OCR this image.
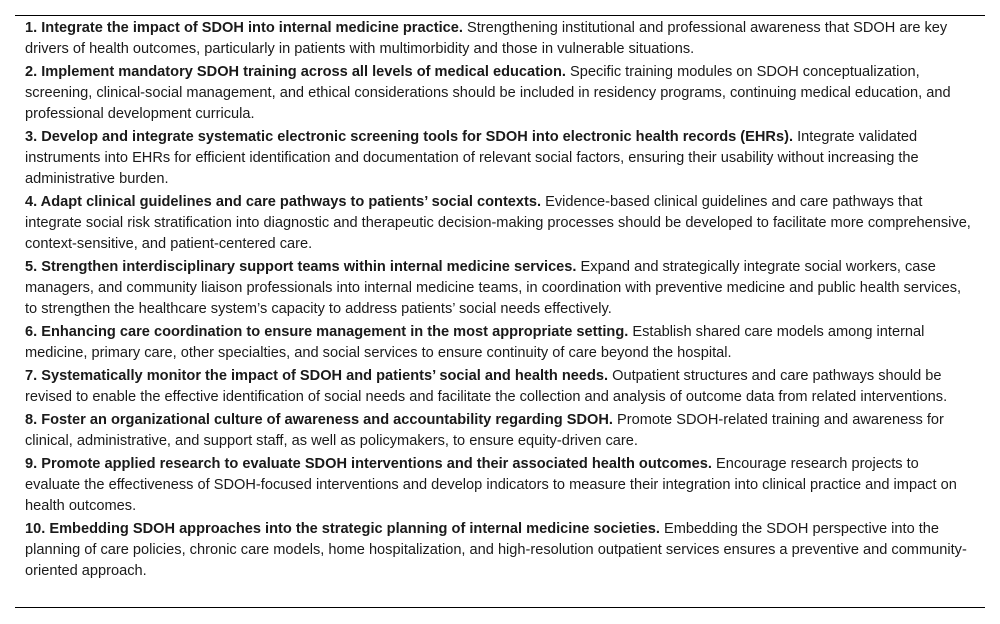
1. Integrate the impact of SDOH into internal medicine practice. Strengthening institutional and professional awareness that SDOH are key drivers of health outcomes, particularly in patients with multimorbidity and those in vulnerable situations.
2. Implement mandatory SDOH training across all levels of medical education. Specific training modules on SDOH conceptualization, screening, clinical-social management, and ethical considerations should be included in residency programs, continuing medical education, and professional development curricula.
3. Develop and integrate systematic electronic screening tools for SDOH into electronic health records (EHRs). Integrate validated instruments into EHRs for efficient identification and documentation of relevant social factors, ensuring their usability without increasing the administrative burden.
4. Adapt clinical guidelines and care pathways to patients’ social contexts. Evidence-based clinical guidelines and care pathways that integrate social risk stratification into diagnostic and therapeutic decision-making processes should be developed to facilitate more comprehensive, context-sensitive, and patient-centered care.
5. Strengthen interdisciplinary support teams within internal medicine services. Expand and strategically integrate social workers, case managers, and community liaison professionals into internal medicine teams, in coordination with preventive medicine and public health services, to strengthen the healthcare system’s capacity to address patients’ social needs effectively.
6. Enhancing care coordination to ensure management in the most appropriate setting. Establish shared care models among internal medicine, primary care, other specialties, and social services to ensure continuity of care beyond the hospital.
7. Systematically monitor the impact of SDOH and patients’ social and health needs. Outpatient structures and care pathways should be revised to enable the effective identification of social needs and facilitate the collection and analysis of outcome data from related interventions.
8. Foster an organizational culture of awareness and accountability regarding SDOH. Promote SDOH-related training and awareness for clinical, administrative, and support staff, as well as policymakers, to ensure equity-driven care.
9. Promote applied research to evaluate SDOH interventions and their associated health outcomes. Encourage research projects to evaluate the effectiveness of SDOH-focused interventions and develop indicators to measure their integration into clinical practice and impact on health outcomes.
10. Embedding SDOH approaches into the strategic planning of internal medicine societies. Embedding the SDOH perspective into the planning of care policies, chronic care models, home hospitalization, and high-resolution outpatient services ensures a preventive and community-oriented approach.
